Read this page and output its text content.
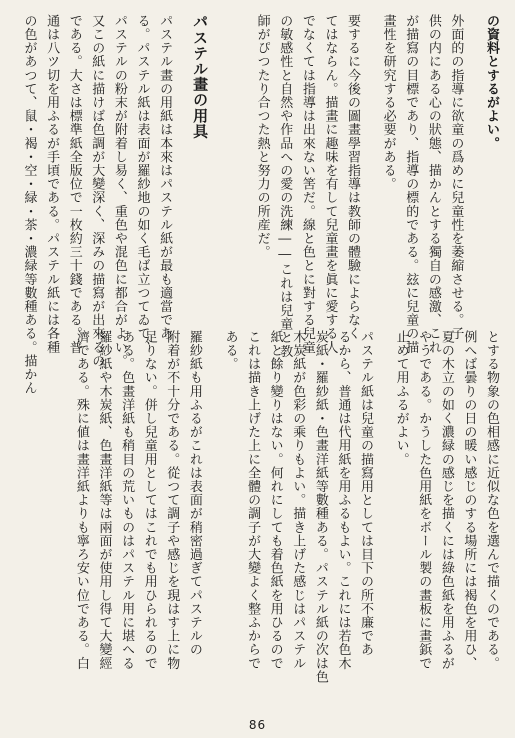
の資料とするがよい。
外面的の指導に欲童の爲めに兒童性を萎縮させる。子
供の内にある心の狀態、描かんとする獨自の感激、これ
が描寫の目標であり、指導の標的である。玆に兒童の描
畫性を研究する必要がある。
要するに今後の圖畫學習指導は教師の體驗によらなく
てはならん。描畫に趣味を有して兒童畫を眞に愛する人
でなくては指導は出來ない筈だ。線と色とに對する兒童
の敏感性と自然や作品への愛の洗練――これは兒童と教
師がぴつたり合つた熱と努力の所産だ。
パステル畫の用具
パステル畫の用紙は本來はパステル紙が最も適當であ
る。パステル紙は表面が羅紗地の如く毛ば立つてゐて、
パステルの粉末が附着し易く、重色や混色に都合がよい。
又この紙に描けば色調が大變深く、深みの描寫が出來るの
である。大さは標準紙全版位で一枚約三十錢である。普
通は八ツ切を用ふるが手頃である。パステル紙には各種
の色があつて、鼠・褐・空・緑・茶・濃緑等數種ある。描かん
とする物象の色相感に近似な色を選んで描くのである。
例へば曇りの日の暖い感じのする場所には褐色を用ひ、
夏の木立の如く濃緑の感じを描くには綠色紙を用ふるが
やうである。かうした色用紙をボール製の畫板に畫鋲で
止めて用ふるがよい。
パステル紙は兒童の描寫用としては目下の所不廉であ
るから、普通は代用紙を用ふるもよい。これには若色木
炭紙・羅紗紙・色畫洋紙等數種ある。パステル紙の次は色
木炭紙が色彩の乘りもよい。描き上げた感じはパステル
紙と餘り變りはない。何れにしても着色紙を用ひるので
これは描き上げた上に全體の調子が大變よく整ふからで
ある。
羅紗紙も用ふるがこれは表面が稍密過ぎてパステルの
附着が不十分である。從つて調子や感じを現はす上に物
足りない。併し兒童用としてはこれでも用ひられるので
ある。色畫洋紙も稍目の荒いものはパステル用に堪へる
羅紗紙や木炭紙、色畫洋紙等は兩面が使用し得て大變經
濟である。殊に値は畫洋紙よりも寧ろ安い位である。白
86
